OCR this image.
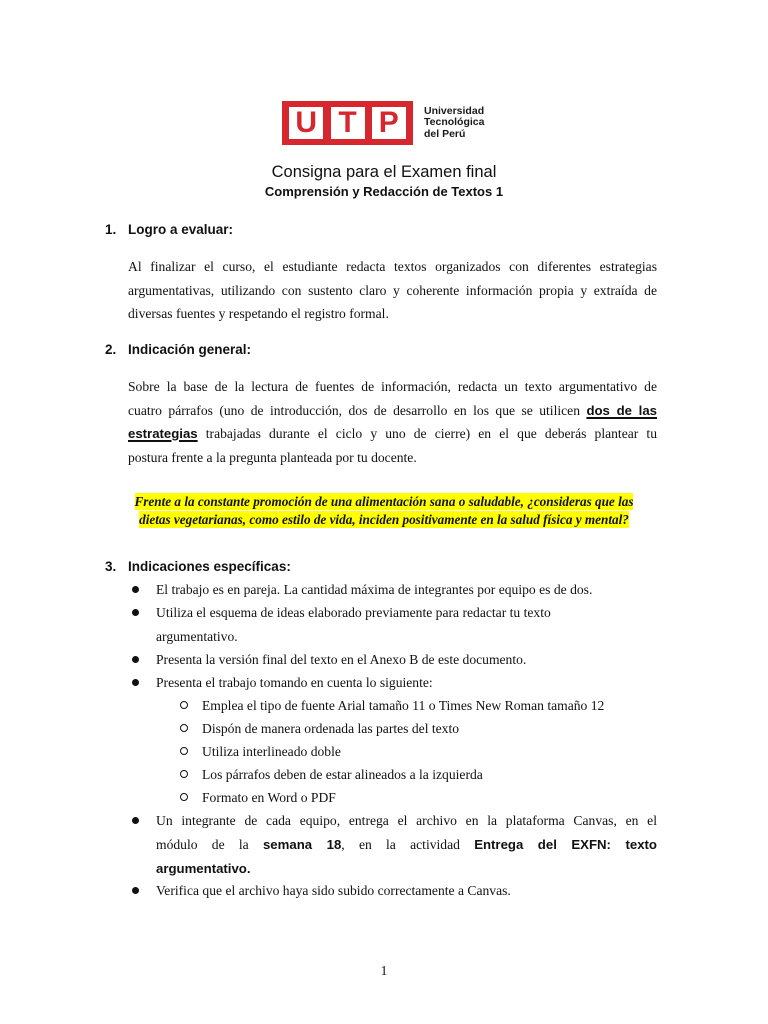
U T P	Universidad
Tecnológica
del Perú
Consigna para el Examen final
Comprensión y Redacción de Textos 1
1. Logro a evaluar:
Al finalizar el curso, el estudiante redacta textos organizados con diferentes estrategias
argumentativas, utilizando con sustento claro y coherente información propia y extraída de
diversas fuentes y respetando el registro formal.
2. Indicación general:
Sobre la base de la lectura de fuentes de información, redacta un texto argumentativo de
cuatro párrafos (uno de introducción, dos de desarrollo en los que se utilicen dos de las
estrategias trabajadas durante el ciclo y uno de cierre) en el que deberás plantear tu
postura frente a la pregunta planteada por tu docente.
Frente a la constante promoción de una alimentación sana o saludable, ¿consideras que las
dietas vegetarianas, como estilo de vida, inciden positivamente en la salud física y mental?
3. Indicaciones específicas:
El trabajo es en pareja. La cantidad máxima de integrantes por equipo es de dos.
Utiliza el esquema de ideas elaborado previamente para redactar tu texto
argumentativo.
Presenta la versión final del texto en el Anexo B de este documento.
Presenta el trabajo tomando en cuenta lo siguiente:
Emplea el tipo de fuente Arial tamaño 11 o Times New Roman tamaño 12
Dispón de manera ordenada las partes del texto
Utiliza interlineado doble
Los párrafos deben de estar alineados a la izquierda
Formato en Word o PDF
Un integrante de cada equipo, entrega el archivo en la plataforma Canvas, en el
módulo de la semana 18, en la actividad Entrega del EXFN: texto
argumentativo.
Verifica que el archivo haya sido subido correctamente a Canvas.
1
